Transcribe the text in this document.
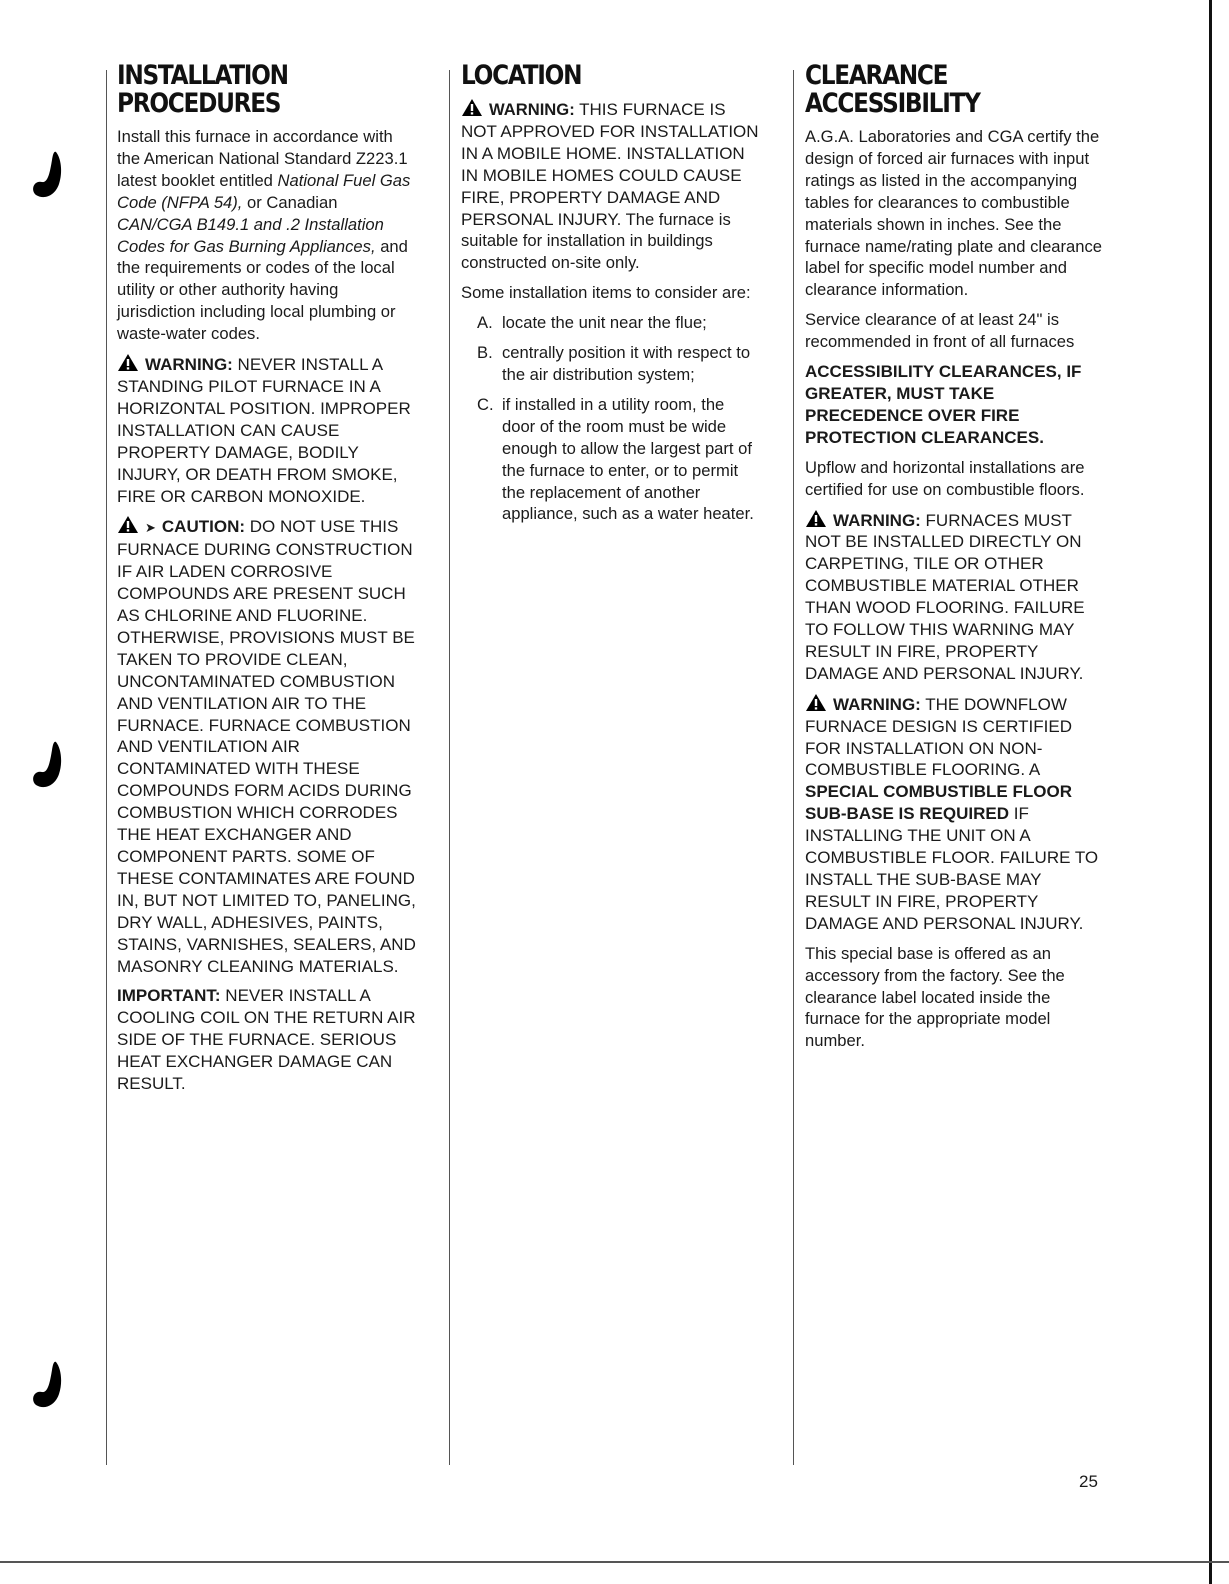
INSTALLATION
PROCEDURES

Install this furnace in accordance with the American National Standard Z223.1 latest booklet entitled National Fuel Gas Code (NFPA 54), or Canadian CAN/CGA B149.1 and .2 Installation Codes for Gas Burning Appliances, and the requirements or codes of the local utility or other authority having jurisdiction including local plumbing or waste-water codes.

WARNING: NEVER INSTALL A STANDING PILOT FURNACE IN A HORIZONTAL POSITION. IMPROPER INSTALLATION CAN CAUSE PROPERTY DAMAGE, BODILY INJURY, OR DEATH FROM SMOKE, FIRE OR CARBON MONOXIDE.

➤ CAUTION: DO NOT USE THIS FURNACE DURING CONSTRUCTION IF AIR LADEN CORROSIVE COMPOUNDS ARE PRESENT SUCH AS CHLORINE AND FLUORINE. OTHERWISE, PROVISIONS MUST BE TAKEN TO PROVIDE CLEAN, UNCONTAMINATED COMBUSTION AND VENTILATION AIR TO THE FURNACE. FURNACE COMBUSTION AND VENTILATION AIR CONTAMINATED WITH THESE COMPOUNDS FORM ACIDS DURING COMBUSTION WHICH CORRODES THE HEAT EXCHANGER AND COMPONENT PARTS. SOME OF THESE CONTAMINATES ARE FOUND IN, BUT NOT LIMITED TO, PANELING, DRY WALL, ADHESIVES, PAINTS, STAINS, VARNISHES, SEALERS, AND MASONRY CLEANING MATERIALS.

IMPORTANT: NEVER INSTALL A COOLING COIL ON THE RETURN AIR SIDE OF THE FURNACE. SERIOUS HEAT EXCHANGER DAMAGE CAN RESULT.

LOCATION

WARNING: THIS FURNACE IS NOT APPROVED FOR INSTALLATION IN A MOBILE HOME. INSTALLATION IN MOBILE HOMES COULD CAUSE FIRE, PROPERTY DAMAGE AND PERSONAL INJURY. The furnace is suitable for installation in buildings constructed on-site only.

Some installation items to consider are:

A. locate the unit near the flue;
B. centrally position it with respect to the air distribution system;
C. if installed in a utility room, the door of the room must be wide enough to allow the largest part of the furnace to enter, or to permit the replacement of another appliance, such as a water heater.
CLEARANCE
ACCESSIBILITY

A.G.A. Laboratories and CGA certify the design of forced air furnaces with input ratings as listed in the accompanying tables for clearances to combustible materials shown in inches. See the furnace name/rating plate and clearance label for specific model number and clearance information.

Service clearance of at least 24" is recommended in front of all furnaces

ACCESSIBILITY CLEARANCES, IF GREATER, MUST TAKE PRECEDENCE OVER FIRE PROTECTION CLEARANCES.

Upflow and horizontal installations are certified for use on combustible floors.

WARNING: FURNACES MUST NOT BE INSTALLED DIRECTLY ON CARPETING, TILE OR OTHER COMBUSTIBLE MATERIAL OTHER THAN WOOD FLOORING. FAILURE TO FOLLOW THIS WARNING MAY RESULT IN FIRE, PROPERTY DAMAGE AND PERSONAL INJURY.

WARNING: THE DOWNFLOW FURNACE DESIGN IS CERTIFIED FOR INSTALLATION ON NON-COMBUSTIBLE FLOORING. A SPECIAL COMBUSTIBLE FLOOR SUB-BASE IS REQUIRED IF INSTALLING THE UNIT ON A COMBUSTIBLE FLOOR. FAILURE TO INSTALL THE SUB-BASE MAY RESULT IN FIRE, PROPERTY DAMAGE AND PERSONAL INJURY.

This special base is offered as an accessory from the factory. See the clearance label located inside the furnace for the appropriate model number.

25
